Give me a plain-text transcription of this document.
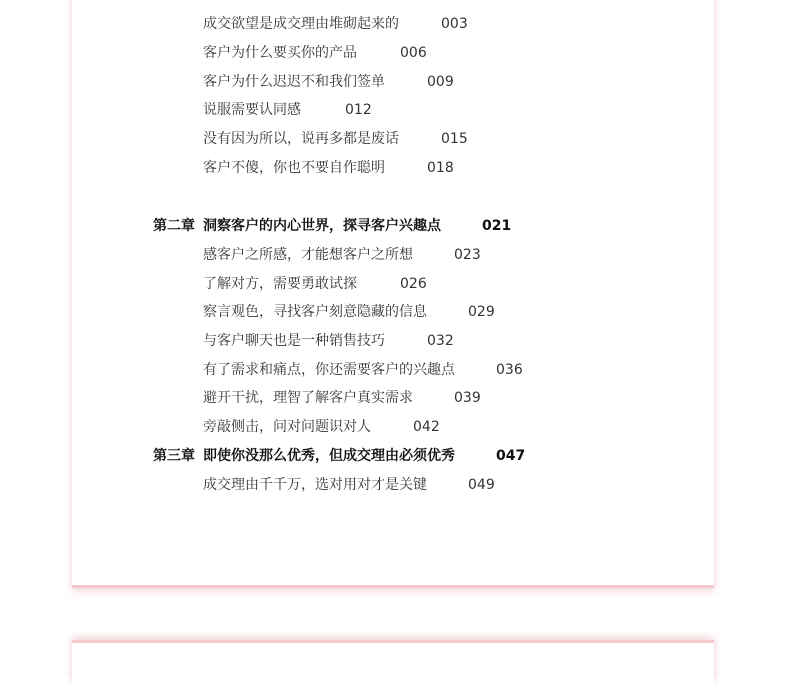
成交欲望是成交理由堆砌起来的	003
客户为什么要买你的产品	006
客户为什么迟迟不和我们签单	009
说服需要认同感	012
没有因为所以，说再多都是废话	015
客户不傻，你也不要自作聪明	018
第二章 洞察客户的内心世界，探寻客户兴趣点	021
感客户之所感，才能想客户之所想	023
了解对方，需要勇敢试探	026
察言观色，寻找客户刻意隐藏的信息	029
与客户聊天也是一种销售技巧	032
有了需求和痛点，你还需要客户的兴趣点	036
避开干扰，理智了解客户真实需求	039
旁敲侧击，问对问题识对人	042
第三章 即使你没那么优秀，但成交理由必须优秀	047
成交理由千千万，选对用对才是关键	049
